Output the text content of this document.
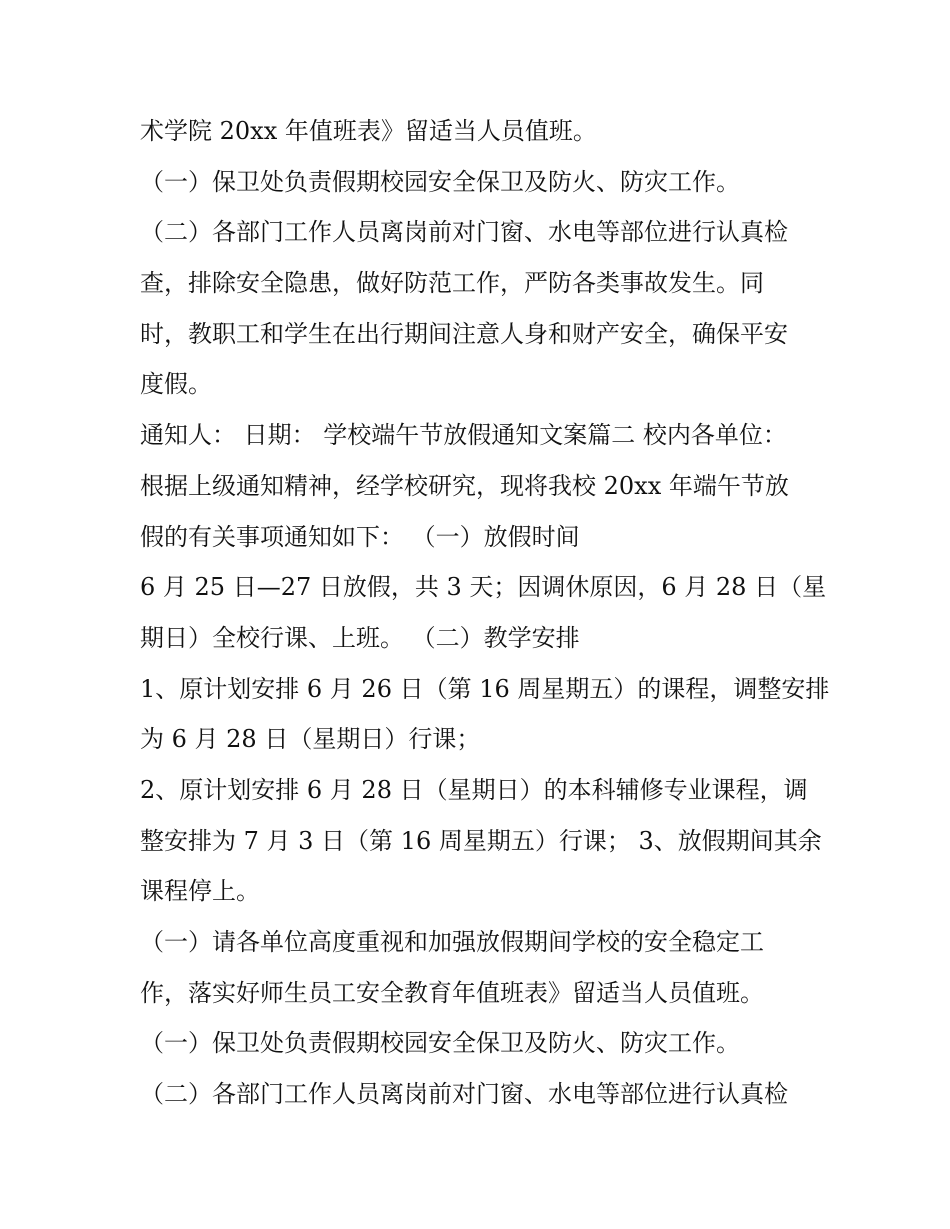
术学院 20xx 年值班表》留适当人员值班。
（一）保卫处负责假期校园安全保卫及防火、防灾工作。
（二）各部门工作人员离岗前对门窗、水电等部位进行认真检
查，排除安全隐患，做好防范工作，严防各类事故发生。同
时，教职工和学生在出行期间注意人身和财产安全，确保平安
度假。
通知人： 日期： 学校端午节放假通知文案篇二 校内各单位：
根据上级通知精神，经学校研究，现将我校 20xx 年端午节放
假的有关事项通知如下： （一）放假时间
6 月 25 日—27 日放假，共 3 天；因调休原因，6 月 28 日（星
期日）全校行课、上班。 （二）教学安排
1、原计划安排 6 月 26 日（第 16 周星期五）的课程，调整安排
为 6 月 28 日（星期日）行课；
2、原计划安排 6 月 28 日（星期日）的本科辅修专业课程，调
整安排为 7 月 3 日（第 16 周星期五）行课； 3、放假期间其余
课程停上。
（一）请各单位高度重视和加强放假期间学校的安全稳定工
作，落实好师生员工安全教育年值班表》留适当人员值班。
（一）保卫处负责假期校园安全保卫及防火、防灾工作。
（二）各部门工作人员离岗前对门窗、水电等部位进行认真检
